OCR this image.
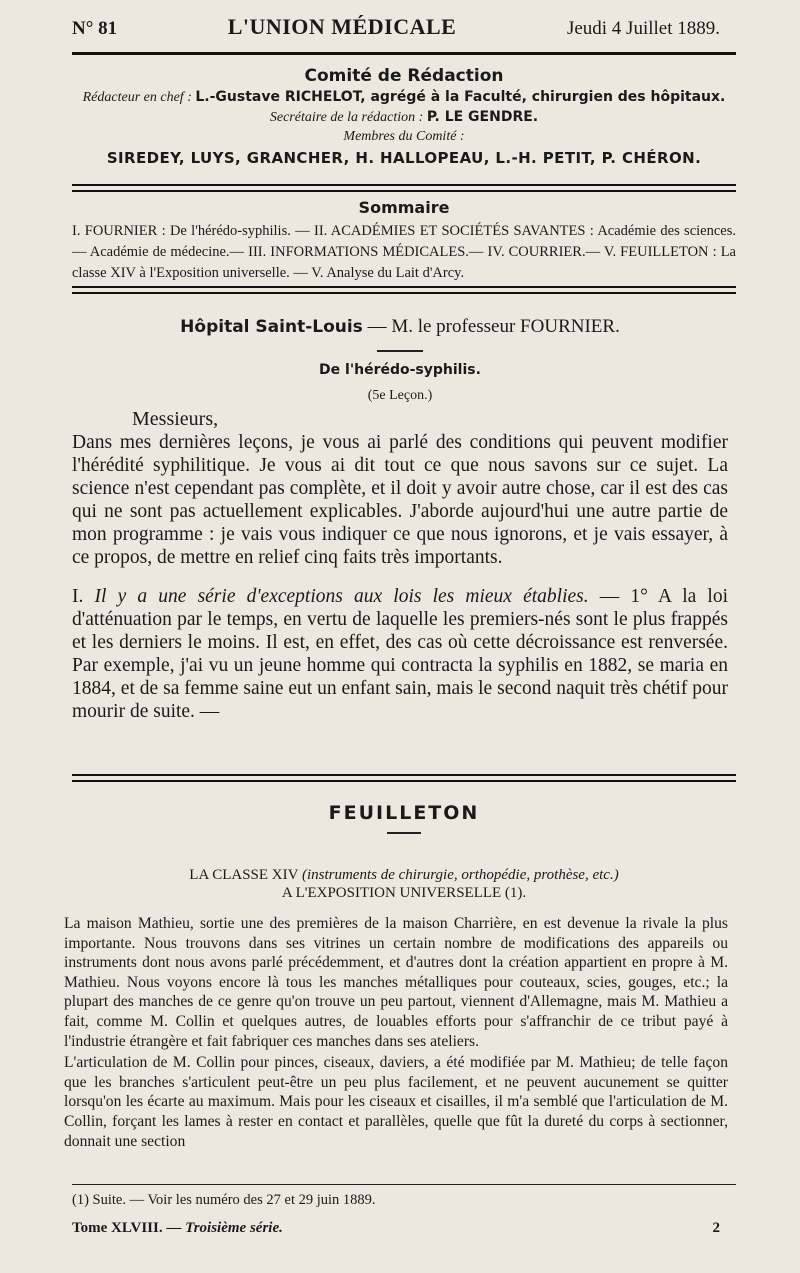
N° 81	L'UNION MÉDICALE	Jeudi 4 Juillet 1889.
Comité de Rédaction
Rédacteur en chef : L.-Gustave RICHELOT, agrégé à la Faculté, chirurgien des hôpitaux.
Secrétaire de la rédaction : P. LE GENDRE.
Membres du Comité :
SIREDEY, LUYS, GRANCHER, H. HALLOPEAU, L.-H. PETIT, P. CHÉRON.
Sommaire
I. FOURNIER : De l'hérédo-syphilis. — II. ACADÉMIES ET SOCIÉTÉS SAVANTES : Académie des sciences.— Académie de médecine.— III. INFORMATIONS MÉDICALES.— IV. COURRIER.— V. FEUILLETON : La classe XIV à l'Exposition universelle. — V. Analyse du Lait d'Arcy.
Hôpital Saint-Louis — M. le professeur FOURNIER.
De l'hérédo-syphilis.
(5e Leçon.)
Messieurs,

Dans mes dernières leçons, je vous ai parlé des conditions qui peuvent modifier l'hérédité syphilitique. Je vous ai dit tout ce que nous savons sur ce sujet. La science n'est cependant pas complète, et il doit y avoir autre chose, car il est des cas qui ne sont pas actuellement explicables. J'aborde aujourd'hui une autre partie de mon programme : je vais vous indiquer ce que nous ignorons, et je vais essayer, à ce propos, de mettre en relief cinq faits très importants.

I. Il y a une série d'exceptions aux lois les mieux établies. — 1° A la loi d'atténuation par le temps, en vertu de laquelle les premiers-nés sont le plus frappés et les derniers le moins. Il est, en effet, des cas où cette décroissance est renversée. Par exemple, j'ai vu un jeune homme qui contracta la syphilis en 1882, se maria en 1884, et de sa femme saine eut un enfant sain, mais le second naquit très chétif pour mourir de suite. —

FEUILLETON
LA CLASSE XIV (instruments de chirurgie, orthopédie, prothèse, etc.)
A L'EXPOSITION UNIVERSELLE (1).

La maison Mathieu, sortie une des premières de la maison Charrière, en est devenue la rivale la plus importante. Nous trouvons dans ses vitrines un certain nombre de modifications des appareils ou instruments dont nous avons parlé précédemment, et d'autres dont la création appartient en propre à M. Mathieu. Nous voyons encore là tous les manches métalliques pour couteaux, scies, gouges, etc.; la plupart des manches de ce genre qu'on trouve un peu partout, viennent d'Allemagne, mais M. Mathieu a fait, comme M. Collin et quelques autres, de louables efforts pour s'affranchir de ce tribut payé à l'industrie étrangère et fait fabriquer ces manches dans ses ateliers.

L'articulation de M. Collin pour pinces, ciseaux, daviers, a été modifiée par M. Mathieu; de telle façon que les branches s'articulent peut-être un peu plus facilement, et ne peuvent aucunement se quitter lorsqu'on les écarte au maximum. Mais pour les ciseaux et cisailles, il m'a semblé que l'articulation de M. Collin, forçant les lames à rester en contact et parallèles, quelle que fût la dureté du corps à sectionner, donnait une section

(1) Suite. — Voir les numéro des 27 et 29 juin 1889.
Tome XLVIII. — Troisième série.	2
